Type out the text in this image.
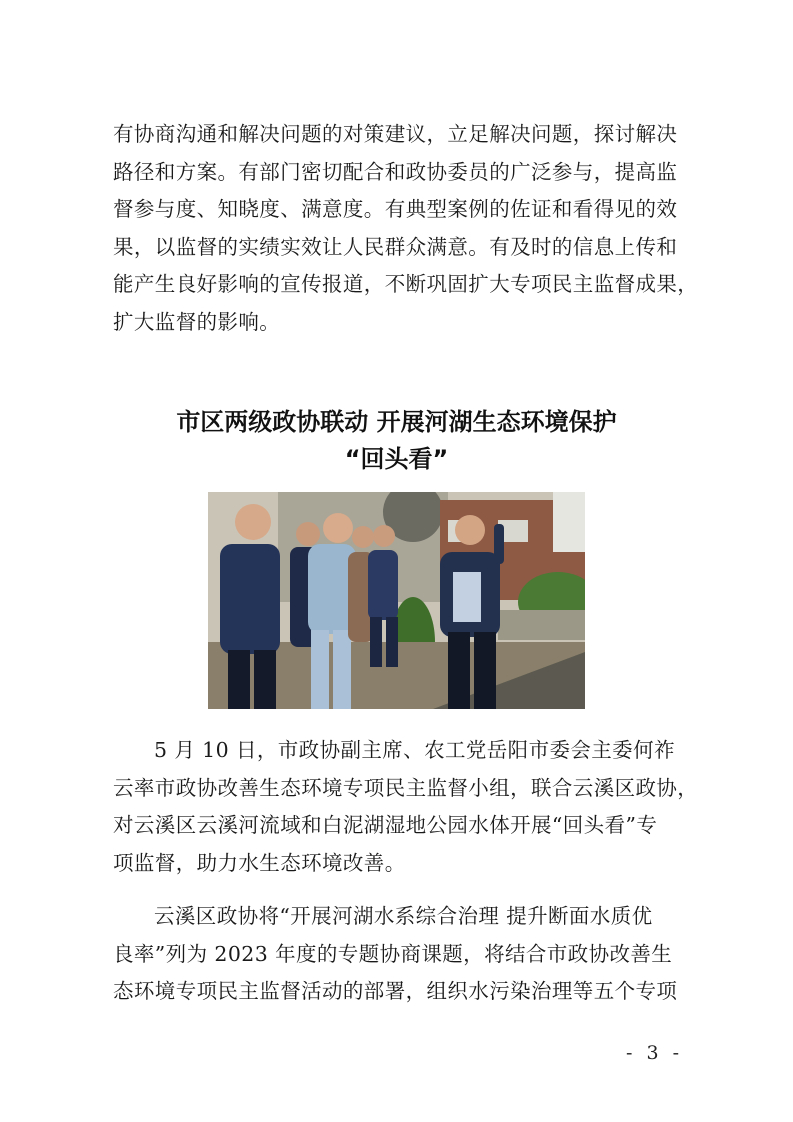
有协商沟通和解决问题的对策建议，立足解决问题，探讨解决
路径和方案。有部门密切配合和政协委员的广泛参与，提高监
督参与度、知晓度、满意度。有典型案例的佐证和看得见的效
果，以监督的实绩实效让人民群众满意。有及时的信息上传和
能产生良好影响的宣传报道，不断巩固扩大专项民主监督成果，
扩大监督的影响。
市区两级政协联动 开展河湖生态环境保护
“回头看”
5 月 10 日，市政协副主席、农工党岳阳市委会主委何祚
云率市政协改善生态环境专项民主监督小组，联合云溪区政协，
对云溪区云溪河流域和白泥湖湿地公园水体开展“回头看”专
项监督，助力水生态环境改善。
云溪区政协将“开展河湖水系综合治理 提升断面水质优
良率”列为 2023 年度的专题协商课题，将结合市政协改善生
态环境专项民主监督活动的部署，组织水污染治理等五个专项
- 3 -
